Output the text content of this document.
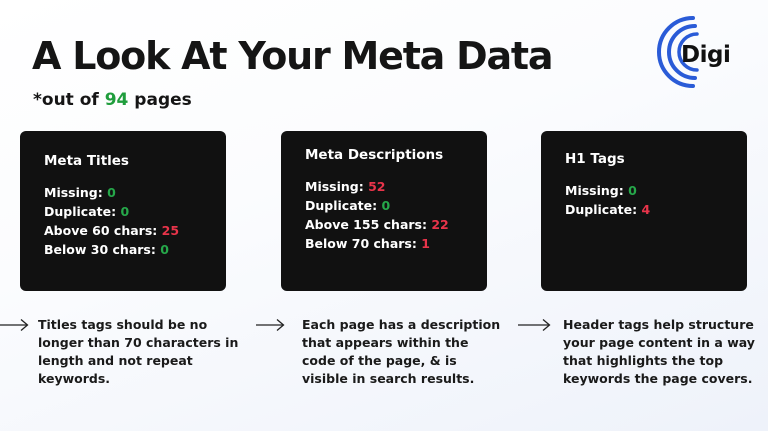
A Look At Your Meta Data
*out of 94 pages
Digi
Meta Titles
Missing: 0
Duplicate: 0
Above 60 chars: 25
Below 30 chars: 0
Meta Descriptions
Missing: 52
Duplicate: 0
Above 155 chars: 22
Below 70 chars: 1
H1 Tags
Missing: 0
Duplicate: 4
Titles tags should be no longer than 70 characters in length and not repeat keywords.
Each page has a description that appears within the code of the page, & is visible in search results.
Header tags help structure your page content in a way that highlights the top keywords the page covers.
